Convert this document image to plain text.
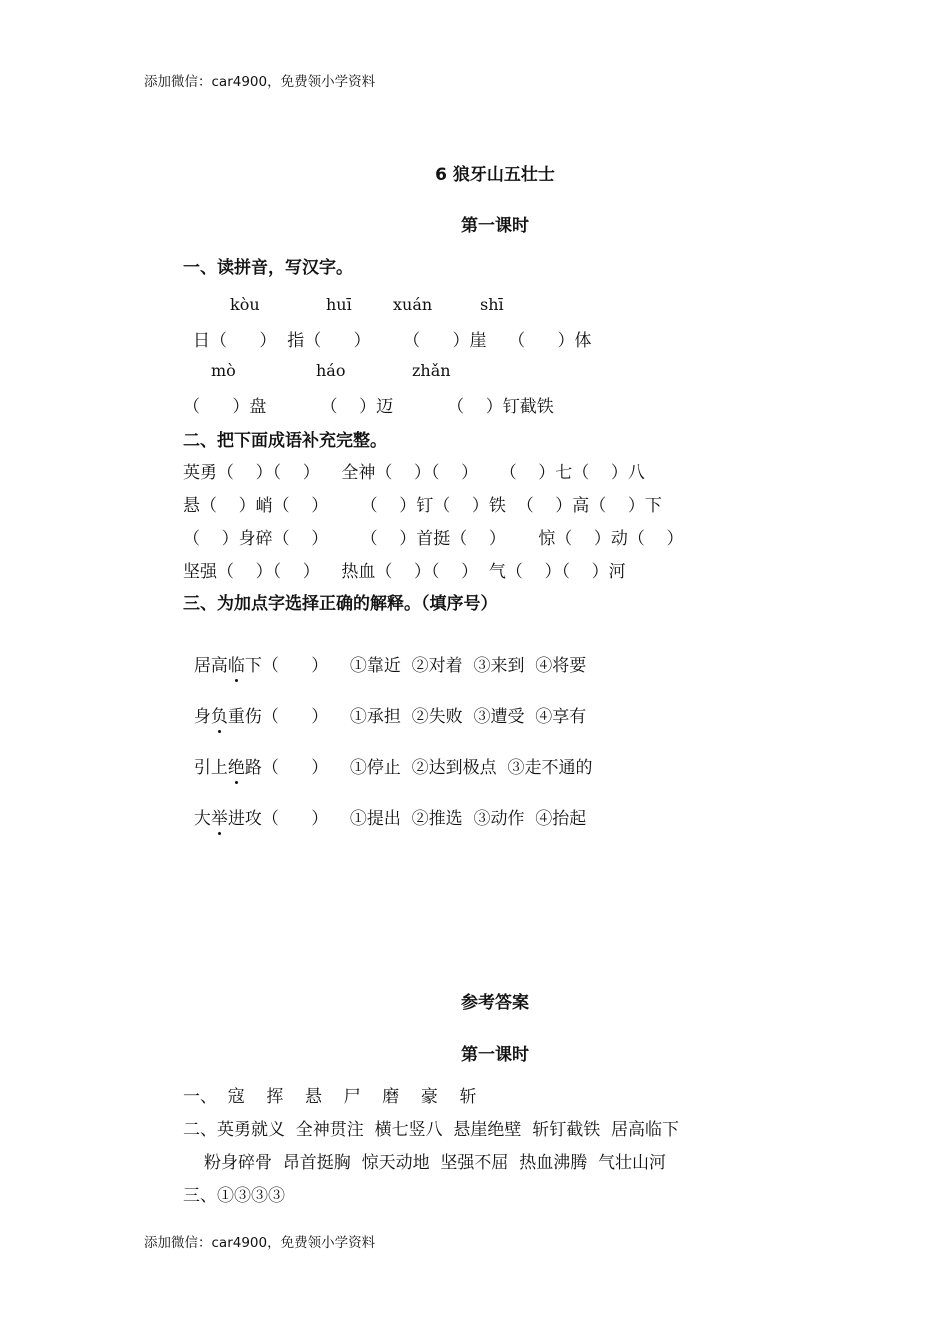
添加微信：car4900，免费领小学资料
6 狼牙山五壮士
第一课时
一、读拼音，写汉字。
kòu	huī	xuán	shī
日（      ）  指（      ）      （      ）崖    （      ）体
mò	háo	zhǎn
（      ）盘          （    ）迈          （    ）钉截铁
二、把下面成语补充完整。
英勇（    ）（    ）    全神（    ）（    ）    （    ）七（    ）八
悬（    ）峭（    ）      （    ）钉（    ）铁  （    ）高（    ）下
（    ）身碎（    ）      （    ）首挺（    ）      惊（    ）动（    ）
坚强（    ）（    ）    热血（    ）（    ）  气（    ）（    ）河
三、为加点字选择正确的解释。（填序号）

居高临下（      ） ①靠近  ②对着  ③来到  ④将要

身负重伤（      ） ①承担  ②失败  ③遭受  ④享有

引上绝路（      ） ①停止  ②达到极点  ③走不通的

大举进攻（      ） ①提出  ②推选  ③动作  ④抬起

参考答案
第一课时
一、  寇    挥    悬    尸    磨    豪    斩
二、英勇就义  全神贯注  横七竖八  悬崖绝壁  斩钉截铁  居高临下
粉身碎骨  昂首挺胸  惊天动地  坚强不屈  热血沸腾  气壮山河
三、①③③③
添加微信：car4900，免费领小学资料
